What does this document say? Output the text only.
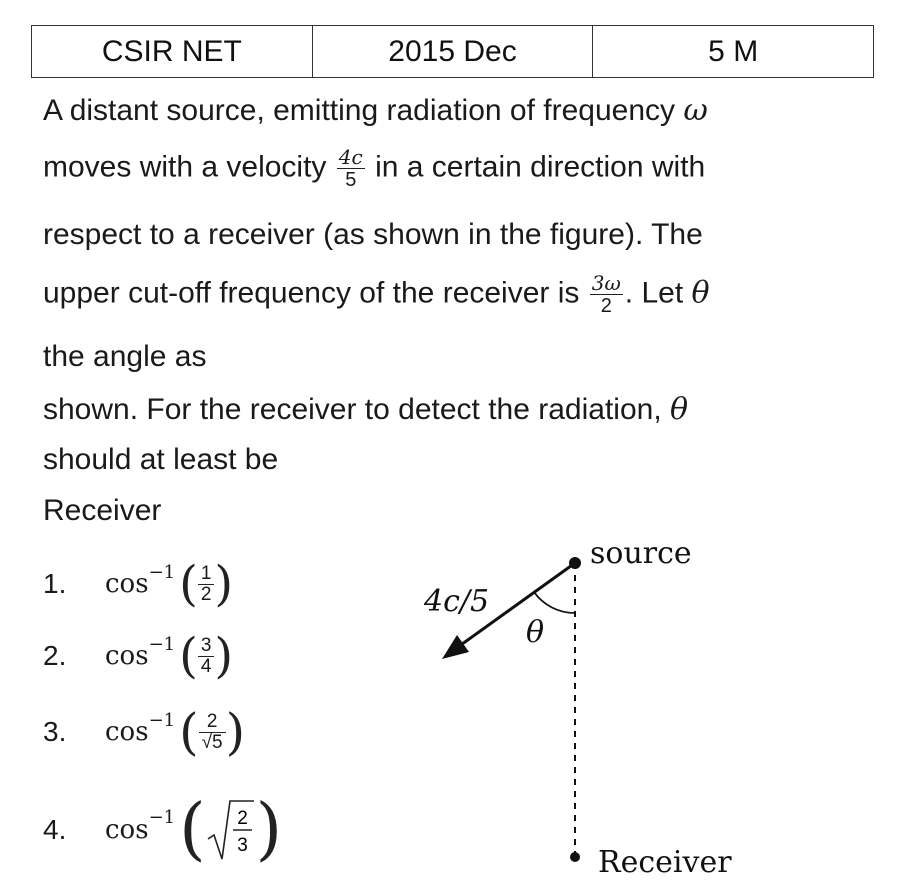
CSIR NET	2015 Dec	5 M
A distant source, emitting radiation of frequency ω
moves with a velocity $\frac{4c}{5}$ in a certain direction with
respect to a receiver (as shown in the figure). The
upper cut-off frequency of the receiver is $\frac{3\omega}{2}$ . Let θ
the angle as
shown. For the receiver to detect the radiation, θ
should at least be
Receiver
1.	cos −1 ( $\frac{1}{2}$ )
2.	cos −1 ( $\frac{3}{4}$ )
3.	cos −1 ( $\frac{2}{√5}$ )
4.	cos −1 ( 2
3 )
source
Receiver
4c/5
θ
